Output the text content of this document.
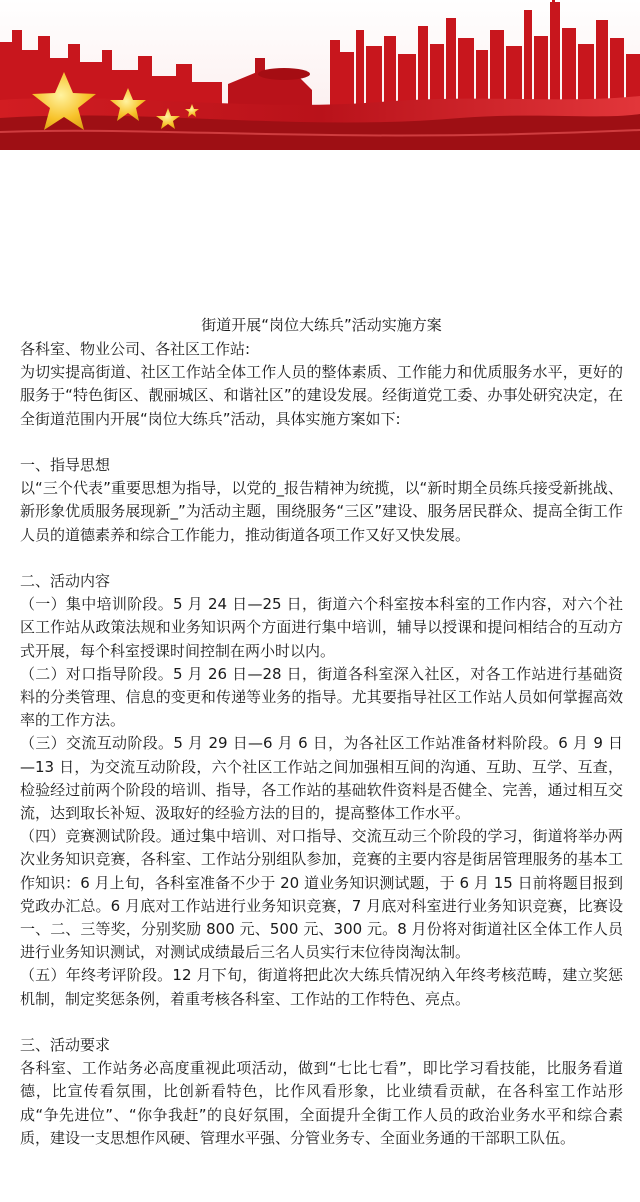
街道开展“岗位大练兵”活动实施方案

各科室、物业公司、各社区工作站:

为切实提高街道、社区工作站全体工作人员的整体素质、工作能力和优质服务水平，更好的服务于“特色街区、靓丽城区、和谐社区”的建设发展。经街道党工委、办事处研究决定，在全街道范围内开展“岗位大练兵”活动，具体实施方案如下:

一、指导思想

以“三个代表”重要思想为指导，以党的_报告精神为统揽，以“新时期全员练兵接受新挑战、新形象优质服务展现新_”为活动主题，围绕服务“三区”建设、服务居民群众、提高全街工作人员的道德素养和综合工作能力，推动街道各项工作又好又快发展。

二、活动内容

（一）集中培训阶段。5 月 24 日—25 日，街道六个科室按本科室的工作内容，对六个社区工作站从政策法规和业务知识两个方面进行集中培训，辅导以授课和提问相结合的互动方式开展，每个科室授课时间控制在两小时以内。

（二）对口指导阶段。5 月 26 日—28 日，街道各科室深入社区，对各工作站进行基础资料的分类管理、信息的变更和传递等业务的指导。尤其要指导社区工作站人员如何掌握高效率的工作方法。

（三）交流互动阶段。5 月 29 日—6 月 6 日，为各社区工作站准备材料阶段。6 月 9 日—13 日，为交流互动阶段，六个社区工作站之间加强相互间的沟通、互助、互学、互查，检验经过前两个阶段的培训、指导，各工作站的基础软件资料是否健全、完善，通过相互交流，达到取长补短、汲取好的经验方法的目的，提高整体工作水平。

（四）竞赛测试阶段。通过集中培训、对口指导、交流互动三个阶段的学习，街道将举办两次业务知识竞赛，各科室、工作站分别组队参加，竞赛的主要内容是街居管理服务的基本工作知识：6 月上旬，各科室准备不少于 20 道业务知识测试题，于 6 月 15 日前将题目报到党政办汇总。6 月底对工作站进行业务知识竞赛，7 月底对科室进行业务知识竞赛，比赛设一、二、三等奖，分别奖励 800 元、500 元、300 元。8 月份将对街道社区全体工作人员进行业务知识测试，对测试成绩最后三名人员实行末位待岗淘汰制。

（五）年终考评阶段。12 月下旬，街道将把此次大练兵情况纳入年终考核范畴，建立奖惩机制，制定奖惩条例，着重考核各科室、工作站的工作特色、亮点。

三、活动要求

各科室、工作站务必高度重视此项活动，做到“七比七看”，即比学习看技能，比服务看道德，比宣传看氛围，比创新看特色，比作风看形象，比业绩看贡献，在各科室工作站形成“争先进位”、“你争我赶”的良好氛围，全面提升全街工作人员的政治业务水平和综合素质，建设一支思想作风硬、管理水平强、分管业务专、全面业务通的干部职工队伍。
